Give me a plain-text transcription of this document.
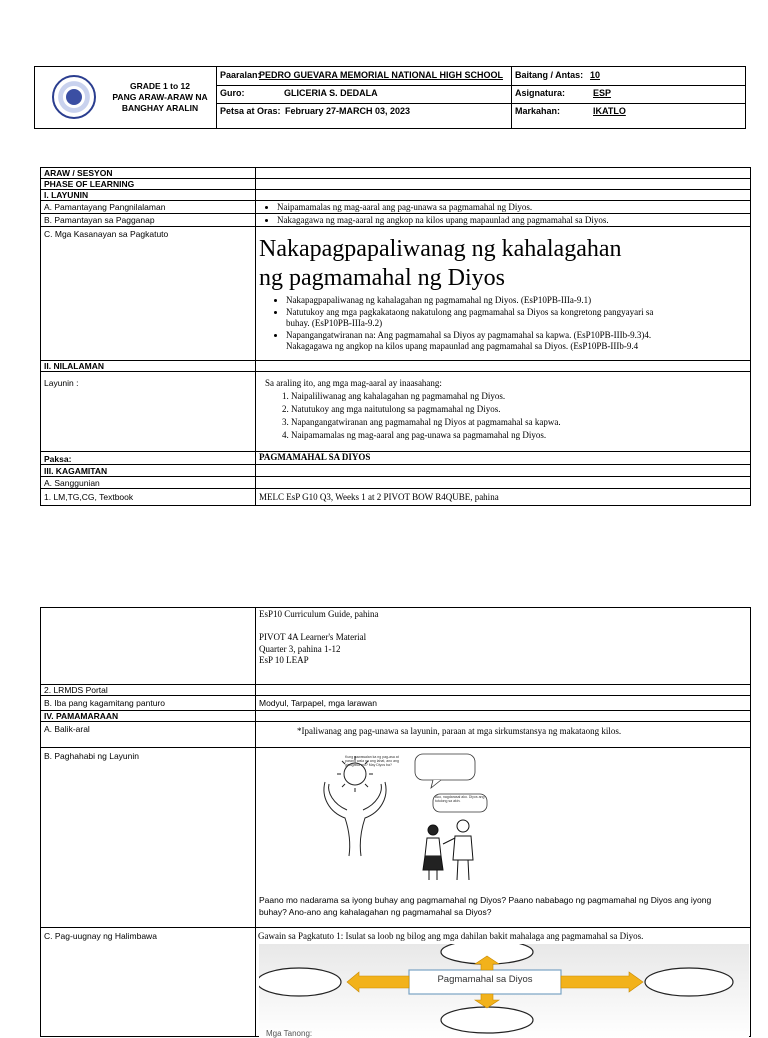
GRADE 1 to 12
PANG ARAW-ARAW NA
BANGHAY ARALIN
Paaralan:
PEDRO GUEVARA MEMORIAL NATIONAL HIGH SCHOOL
Guro:	GLICERIA S. DEDALA
Petsa at Oras: February 27-MARCH 03, 2023
Baitang / Antas: 10
Asignatura:	ESP
Markahan:	IKATLO
ARAW / SESYON
PHASE OF LEARNING
I. LAYUNIN
A. Pamantayang Pangnilalaman	• Naipamamalas ng mag-aaral ang pag-unawa sa pagmamahal ng Diyos.
B. Pamantayan sa Pagganap	• Nakagagawa ng mag-aaral ng angkop na kilos upang mapaunlad ang pagmamahal sa Diyos.
C. Mga Kasanayan sa Pagkatuto
Nakapagpapaliwanag ng kahalagahan
ng pagmamahal ng Diyos
• Nakapagpapaliwanag ng kahalagahan ng pagmamahal ng Diyos. (EsP10PB-IIIa-9.1)
• Natutukoy ang mga pagkakataong nakatulong ang pagmamahal sa Diyos sa kongretong pangyayari sa
buhay. (EsP10PB-IIIa-9.2)
• Napangangatwiranan na: Ang pagmamahal sa Diyos ay pagmamahal sa kapwa. (EsP10PB-IIIb-9.3)4.
Nakagagawa ng angkop na kilos upang mapaunlad ang pagmamahal sa Diyos. (EsP10PB-IIIb-9.4
II. NILALAMAN
Layunin :	Sa araling ito, ang mga mag-aaral ay inaasahang:
1. Naipaliliwanag ang kahalagahan ng pagmamahal ng Diyos.
2. Natutukoy ang mga naitutulong sa pagmamahal ng Diyos.
3. Napangangatwiranan ang pagmamahal ng Diyos at pagmamahal sa kapwa.
4. Naipamamalas ng mag-aaral ang pag-unawa sa pagmamahal ng Diyos.
Paksa:	PAGMAMAHAL SA DIYOS
III. KAGAMITAN
A. Sanggunian
1. LM,TG,CG, Textbook	MELC EsP G10 Q3, Weeks 1 at 2 PIVOT BOW R4QUBE, pahina
EsP10 Curriculum Guide, pahina

PIVOT 4A Learner's Material
Quarter 3, pahina 1-12
EsP 10 LEAP
2. LRMDS Portal
B. Iba pang kagamitang panturo	Modyul, Tarpapel, mga larawan
IV. PAMAMARAAN
A. Balik-aral	*Ipaliwanag ang pag-unawa sa layunin, paraan at mga sirkumstansya ng makataong kilos.
B. Paghahabi ng Layunin	Kung nawawalan ka ng pag-asa at parang wala na ang lahat, ano ang ginagawa mo? May Diyos ba?
Ako, nagdarasal ako. Diyos ang tutulong sa akin.
Paano mo nadarama sa iyong buhay ang pagmamahal ng Diyos? Paano nababago ng pagmamahal ng Diyos ang iyong
buhay? Ano-ano ang kahalagahan ng pagmamahal sa Diyos?
C. Pag-uugnay ng Halimbawa	Gawain sa Pagkatuto 1: Isulat sa loob ng bilog ang mga dahilan bakit mahalaga ang pagmamahal sa Diyos.
Pagmamahal sa Diyos
Mga Tanong:
